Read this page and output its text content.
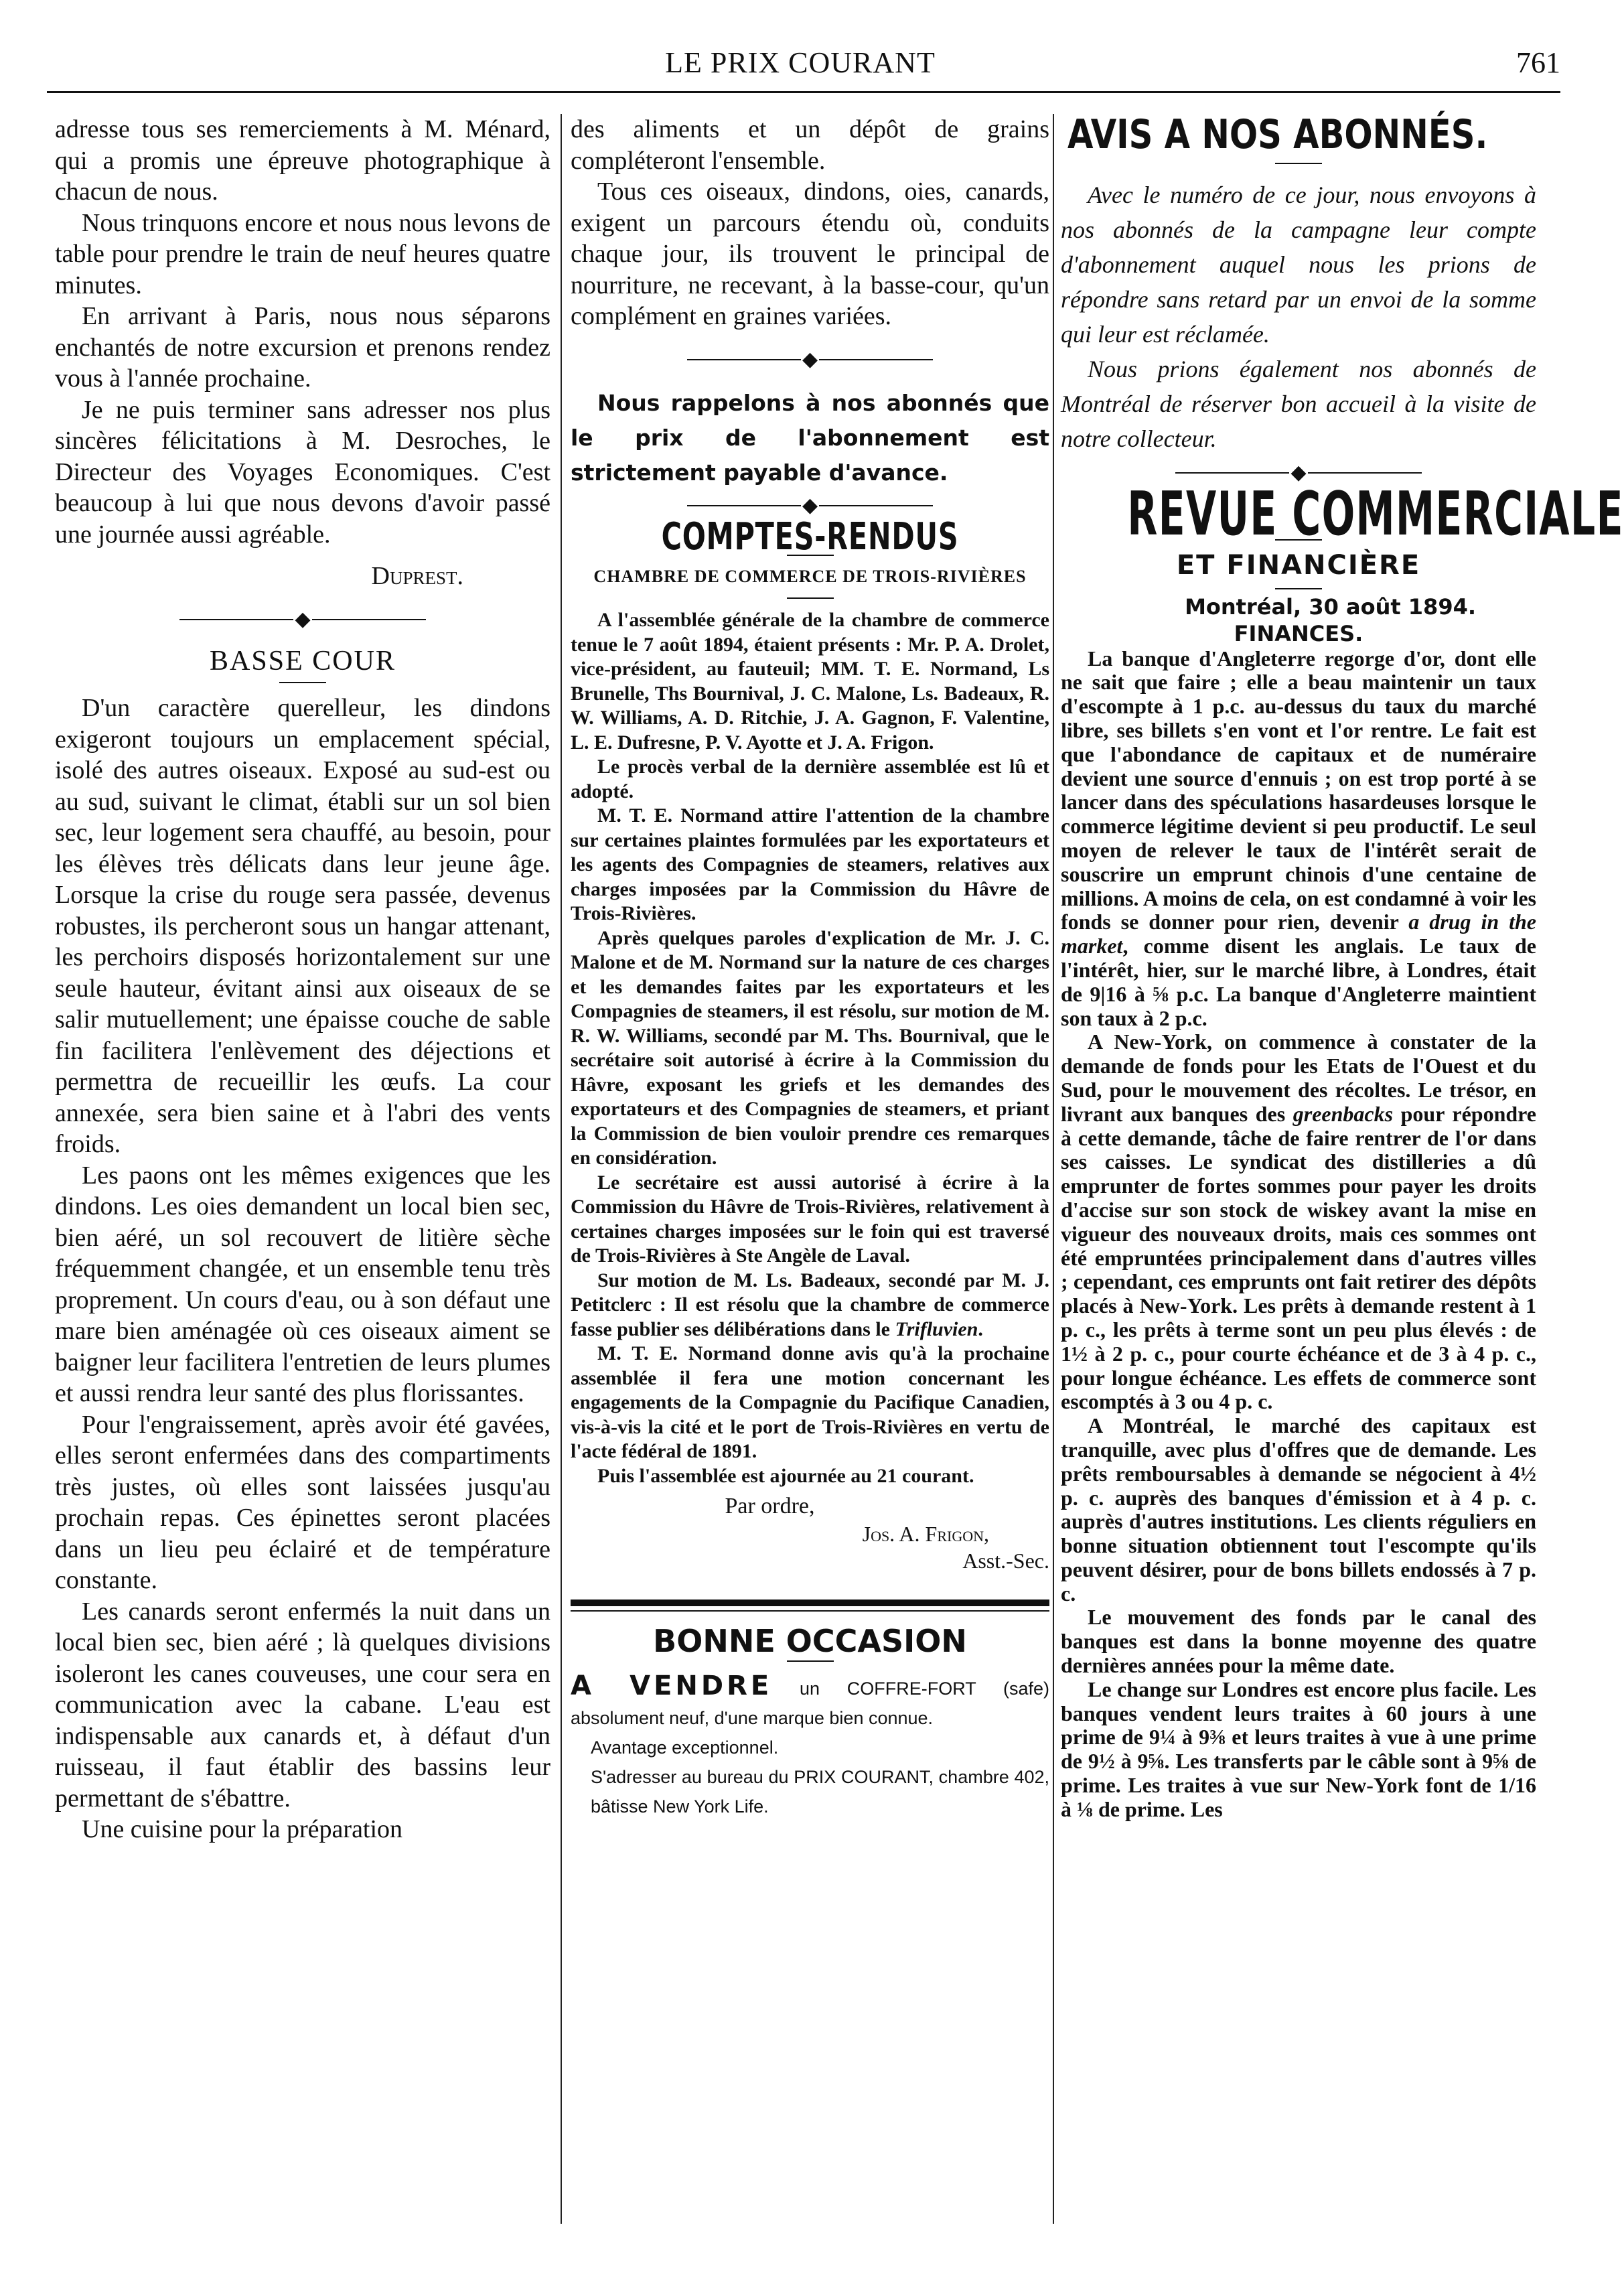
LE PRIX COURANT	761

adresse tous ses remerciements à M. Ménard, qui a promis une épreuve photographique à chacun de nous.

Nous trinquons encore et nous nous levons de table pour prendre le train de neuf heures quatre minutes.

En arrivant à Paris, nous nous séparons enchantés de notre excursion et prenons rendez vous à l'année prochaine.

Je ne puis terminer sans adresser nos plus sincères félicitations à M. Desroches, le Directeur des Voyages Economiques. C'est beaucoup à lui que nous devons d'avoir passé une journée aussi agréable.

Duprest.

◆

BASSE COUR

D'un caractère querelleur, les dindons exigeront toujours un emplacement spécial, isolé des autres oiseaux. Exposé au sud-est ou au sud, suivant le climat, établi sur un sol bien sec, leur logement sera chauffé, au besoin, pour les élèves très délicats dans leur jeune âge. Lorsque la crise du rouge sera passée, devenus robustes, ils percheront sous un hangar attenant, les perchoirs disposés horizontalement sur une seule hauteur, évitant ainsi aux oiseaux de se salir mutuellement; une épaisse couche de sable fin facilitera l'enlèvement des déjections et permettra de recueillir les œufs. La cour annexée, sera bien saine et à l'abri des vents froids.

Les paons ont les mêmes exigences que les dindons. Les oies demandent un local bien sec, bien aéré, un sol recouvert de litière sèche fréquemment changée, et un ensemble tenu très proprement. Un cours d'eau, ou à son défaut une mare bien aménagée où ces oiseaux aiment se baigner leur facilitera l'entretien de leurs plumes et aussi rendra leur santé des plus florissantes.

Pour l'engraissement, après avoir été gavées, elles seront enfermées dans des compartiments très justes, où elles sont laissées jusqu'au prochain repas. Ces épinettes seront placées dans un lieu peu éclairé et de température constante.

Les canards seront enfermés la nuit dans un local bien sec, bien aéré ; là quelques divisions isoleront les canes couveuses, une cour sera en communication avec la cabane. L'eau est indispensable aux canards et, à défaut d'un ruisseau, il faut établir des bassins leur permettant de s'ébattre.

Une cuisine pour la préparation

des aliments et un dépôt de grains compléteront l'ensemble.

Tous ces oiseaux, dindons, oies, canards, exigent un parcours étendu où, conduits chaque jour, ils trouvent le principal de nourriture, ne recevant, à la basse-cour, qu'un complément en graines variées.

◆

Nous rappelons à nos abonnés que le prix de l'abonnement est strictement payable d'avance.

◆

COMPTES-RENDUS

CHAMBRE DE COMMERCE DE TROIS-RIVIÈRES

A l'assemblée générale de la chambre de commerce tenue le 7 août 1894, étaient présents : Mr. P. A. Drolet, vice-président, au fauteuil; MM. T. E. Normand, Ls Brunelle, Ths Bournival, J. C. Malone, Ls. Badeaux, R. W. Williams, A. D. Ritchie, J. A. Gagnon, F. Valentine, L. E. Dufresne, P. V. Ayotte et J. A. Frigon.

Le procès verbal de la dernière assemblée est lû et adopté.

M. T. E. Normand attire l'attention de la chambre sur certaines plaintes formulées par les exportateurs et les agents des Compagnies de steamers, relatives aux charges imposées par la Commission du Hâvre de Trois-Rivières.

Après quelques paroles d'explication de Mr. J. C. Malone et de M. Normand sur la nature de ces charges et les demandes faites par les exportateurs et les Compagnies de steamers, il est résolu, sur motion de M. R. W. Williams, secondé par M. Ths. Bournival, que le secrétaire soit autorisé à écrire à la Commission du Hâvre, exposant les griefs et les demandes des exportateurs et des Compagnies de steamers, et priant la Commission de bien vouloir prendre ces remarques en considération.

Le secrétaire est aussi autorisé à écrire à la Commission du Hâvre de Trois-Rivières, relativement à certaines charges imposées sur le foin qui est traversé de Trois-Rivières à Ste Angèle de Laval.

Sur motion de M. Ls. Badeaux, secondé par M. J. Petitclerc : Il est résolu que la chambre de commerce fasse publier ses délibérations dans le Trifluvien.

M. T. E. Normand donne avis qu'à la prochaine assemblée il fera une motion concernant les engagements de la Compagnie du Pacifique Canadien, vis-à-vis la cité et le port de Trois-Rivières en vertu de l'acte fédéral de 1891.

Puis l'assemblée est ajournée au 21 courant.

Par ordre,

Jos. A. Frigon,

Asst.-Sec.

BONNE OCCASION

A VENDRE un COFFRE-FORT (safe) absolument neuf, d'une marque bien connue.

Avantage exceptionnel.

S'adresser au bureau du PRIX COURANT, chambre 402, bâtisse New York Life.

AVIS A NOS ABONNÉS.

Avec le numéro de ce jour, nous envoyons à nos abonnés de la campagne leur compte d'abonnement auquel nous les prions de répondre sans retard par un envoi de la somme qui leur est réclamée.

Nous prions également nos abonnés de Montréal de réserver bon accueil à la visite de notre collecteur.

◆

REVUE COMMERCIALE

ET FINANCIÈRE

Montréal, 30 août 1894.

FINANCES.

La banque d'Angleterre regorge d'or, dont elle ne sait que faire ; elle a beau maintenir un taux d'escompte à 1 p.c. au-dessus du taux du marché libre, ses billets s'en vont et l'or rentre. Le fait est que l'abondance de capitaux et de numéraire devient une source d'ennuis ; on est trop porté à se lancer dans des spéculations hasardeuses lorsque le commerce légitime devient si peu productif. Le seul moyen de relever le taux de l'intérêt serait de souscrire un emprunt chinois d'une centaine de millions. A moins de cela, on est condamné à voir les fonds se donner pour rien, devenir a drug in the market, comme disent les anglais. Le taux de l'intérêt, hier, sur le marché libre, à Londres, était de 9|16 à ⅝ p.c. La banque d'Angleterre maintient son taux à 2 p.c.

A New-York, on commence à constater de la demande de fonds pour les Etats de l'Ouest et du Sud, pour le mouvement des récoltes. Le trésor, en livrant aux banques des greenbacks pour répondre à cette demande, tâche de faire rentrer de l'or dans ses caisses. Le syndicat des distilleries a dû emprunter de fortes sommes pour payer les droits d'accise sur son stock de wiskey avant la mise en vigueur des nouveaux droits, mais ces sommes ont été empruntées principalement dans d'autres villes ; cependant, ces emprunts ont fait retirer des dépôts placés à New-York. Les prêts à demande restent à 1 p. c., les prêts à terme sont un peu plus élevés : de 1½ à 2 p. c., pour courte échéance et de 3 à 4 p. c., pour longue échéance. Les effets de commerce sont escomptés à 3 ou 4 p. c.

A Montréal, le marché des capitaux est tranquille, avec plus d'offres que de demande. Les prêts remboursables à demande se négocient à 4½ p. c. auprès des banques d'émission et à 4 p. c. auprès d'autres institutions. Les clients réguliers en bonne situation obtiennent tout l'escompte qu'ils peuvent désirer, pour de bons billets endossés à 7 p. c.

Le mouvement des fonds par le canal des banques est dans la bonne moyenne des quatre dernières années pour la même date.

Le change sur Londres est encore plus facile. Les banques vendent leurs traites à 60 jours à une prime de 9¼ à 9⅜ et leurs traites à vue à une prime de 9½ à 9⅝. Les transferts par le câble sont à 9⅝ de prime. Les traites à vue sur New-York font de 1/16 à ⅛ de prime. Les
